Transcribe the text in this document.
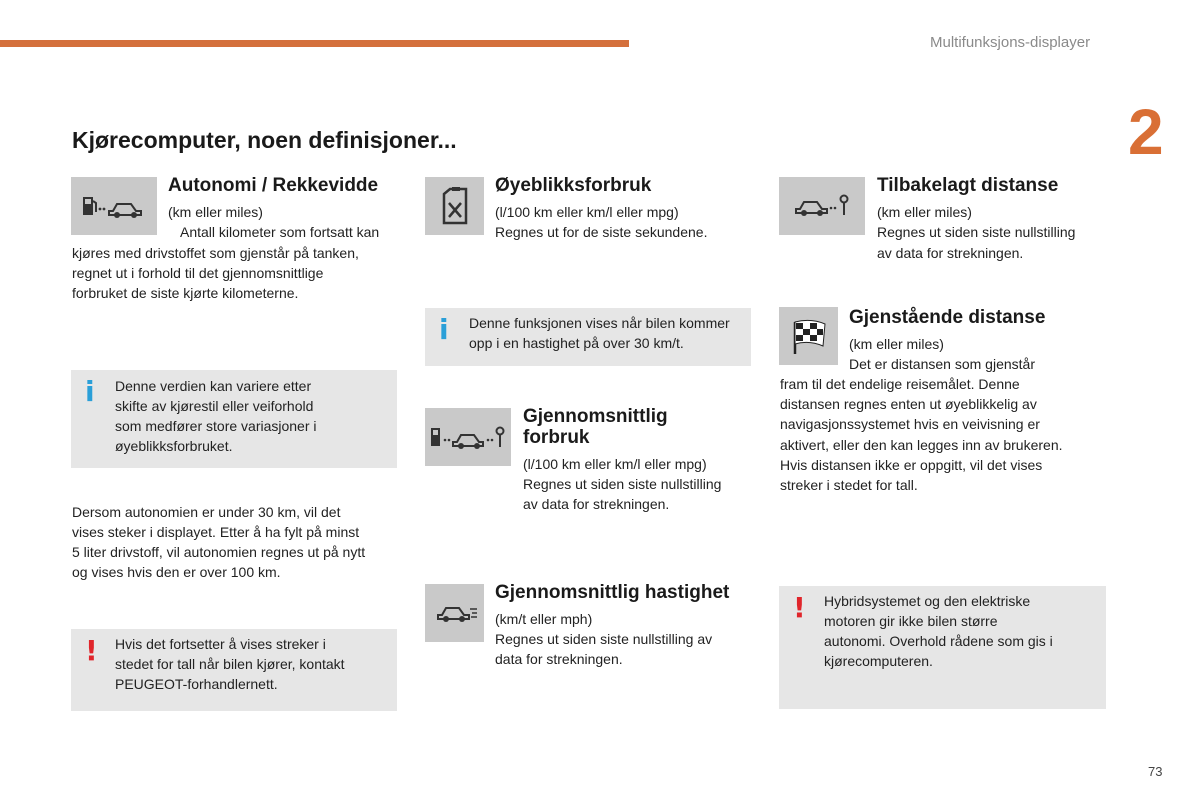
Multifunksjons-displayer
2
Kjørecomputer, noen definisjoner...
Autonomi / Rekkevidde
(km eller miles)
Antall kilometer som fortsatt kan
kjøres med drivstoffet som gjenstår på tanken,
regnet ut i forhold til det gjennomsnittlige
forbruket de siste kjørte kilometerne.
i Denne verdien kan variere etter
skifte av kjørestil eller veiforhold
som medfører store variasjoner i
øyeblikksforbruket.
Dersom autonomien er under 30 km, vil det
vises steker i displayet. Etter å ha fylt på minst
5 liter drivstoff, vil autonomien regnes ut på nytt
og vises hvis den er over 100 km.
! Hvis det fortsetter å vises streker i
stedet for tall når bilen kjører, kontakt
PEUGEOT-forhandlernett.
Øyeblikksforbruk
(l/100 km eller km/l eller mpg)
Regnes ut for de siste sekundene.
i Denne funksjonen vises når bilen kommer
opp i en hastighet på over 30 km/t.
Gjennomsnittlig
forbruk
(l/100 km eller km/l eller mpg)
Regnes ut siden siste nullstilling
av data for strekningen.
Gjennomsnittlig hastighet
(km/t eller mph)
Regnes ut siden siste nullstilling av
data for strekningen.
Tilbakelagt distanse
(km eller miles)
Regnes ut siden siste nullstilling
av data for strekningen.
Gjenstående distanse
(km eller miles)
Det er distansen som gjenstår
fram til det endelige reisemålet. Denne
distansen regnes enten ut øyeblikkelig av
navigasjonssystemet hvis en veivisning er
aktivert, eller den kan legges inn av brukeren.
Hvis distansen ikke er oppgitt, vil det vises
streker i stedet for tall.
! Hybridsystemet og den elektriske
motoren gir ikke bilen større
autonomi. Overhold rådene som gis i
kjørecomputeren.
73
